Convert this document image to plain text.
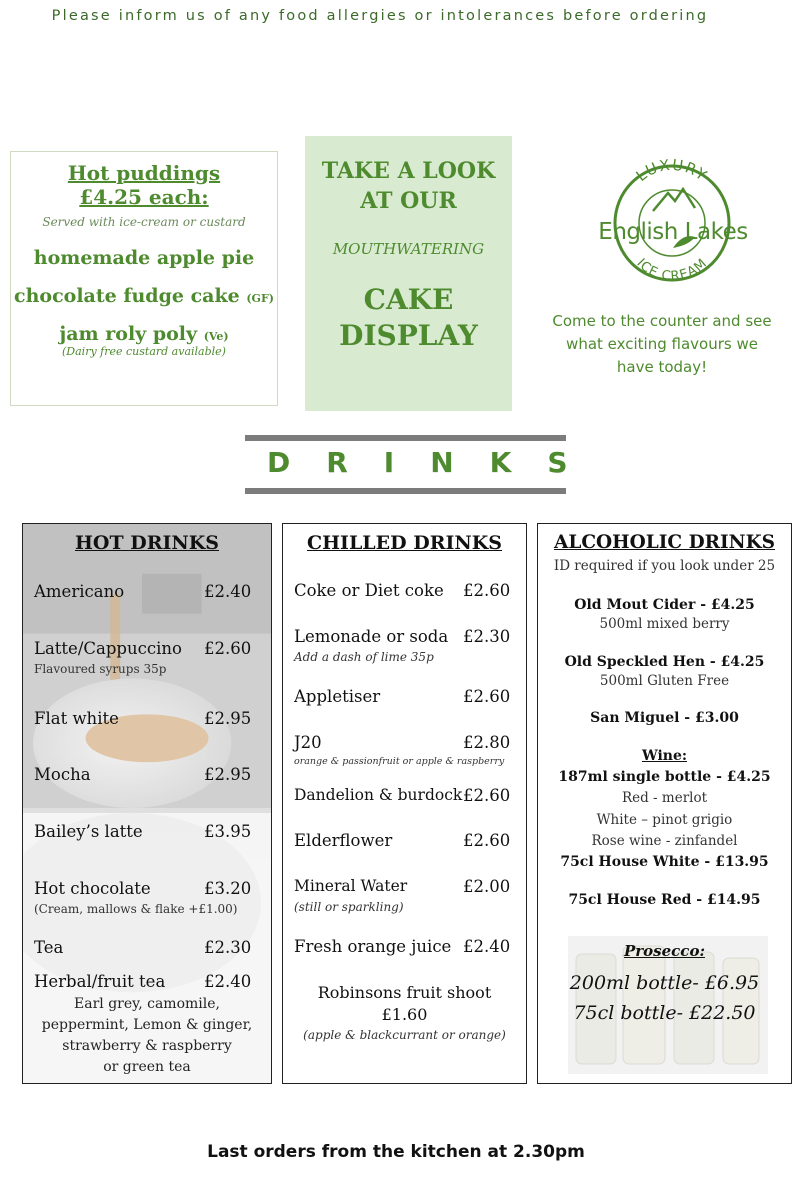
Please inform us of any food allergies or intolerances before ordering
Hot puddings
£4.25 each:
Served with ice-cream or custard
homemade apple pie
chocolate fudge cake (GF)
jam roly poly (Ve)
(Dairy free custard available)
TAKE A LOOK
AT OUR
MOUTHWATERING
CAKE
DISPLAY
LUXURY
ICE CREAM
English Lakes
Come to the counter and see
what exciting flavours we
have today!
DRINKS
HOT DRINKS
Americano	£2.40
Latte/Cappuccino £2.60
Flavoured syrups 35p
Flat white	£2.95
Mocha	£2.95
Bailey’s latte	£3.95
Hot chocolate	£3.20
(Cream, mallows & flake +£1.00)
Tea	£2.30
Herbal/fruit tea £2.40
Earl grey, camomile,
peppermint, Lemon & ginger,
strawberry & raspberry
or green tea
CHILLED DRINKS
Coke or Diet coke £2.60
Lemonade or soda £2.30
Add a dash of lime 35p
Appletiser	£2.60
J20	£2.80
orange & passionfruit or apple & raspberry
Dandelion & burdock £2.60
Elderflower	£2.60
Mineral Water	£2.00
(still or sparkling)
Fresh orange juice £2.40
Robinsons fruit shoot
£1.60
(apple & blackcurrant or orange)
ALCOHOLIC DRINKS
ID required if you look under 25
Old Mout Cider - £4.25
500ml mixed berry
Old Speckled Hen - £4.25
500ml Gluten Free
San Miguel - £3.00
Wine:
187ml single bottle - £4.25
Red - merlot
White – pinot grigio
Rose wine - zinfandel
75cl House White - £13.95
75cl House Red - £14.95
Prosecco:
200ml bottle- £6.95
75cl bottle- £22.50
Last orders from the kitchen at 2.30pm
